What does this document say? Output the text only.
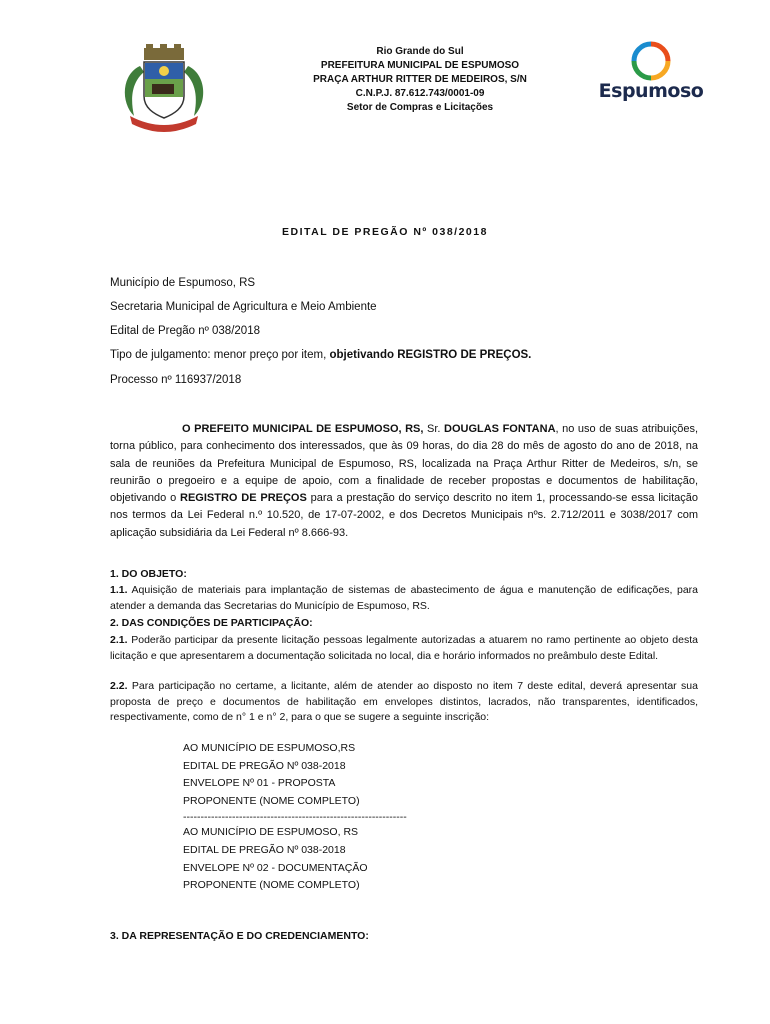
Rio Grande do Sul
PREFEITURA MUNICIPAL DE ESPUMOSO
PRAÇA ARTHUR RITTER DE MEDEIROS, S/N
C.N.P.J. 87.612.743/0001-09
Setor de Compras e Licitações
Espumoso
EDITAL DE PREGÃO Nº 038/2018
Município de Espumoso, RS
Secretaria Municipal de Agricultura e Meio Ambiente
Edital de Pregão nº 038/2018
Tipo de julgamento: menor preço por item, objetivando REGISTRO DE PREÇOS.
Processo nº 116937/2018
O PREFEITO MUNICIPAL DE ESPUMOSO, RS, Sr. DOUGLAS FONTANA, no uso de suas atribuições, torna público, para conhecimento dos interessados, que às 09 horas, do dia 28 do mês de agosto do ano de 2018, na sala de reuniões da Prefeitura Municipal de Espumoso, RS, localizada na Praça Arthur Ritter de Medeiros, s/n, se reunirão o pregoeiro e a equipe de apoio, com a finalidade de receber propostas e documentos de habilitação, objetivando o REGISTRO DE PREÇOS para a prestação do serviço descrito no item 1, processando-se essa licitação nos termos da Lei Federal n.º 10.520, de 17-07-2002, e dos Decretos Municipais nºs. 2.712/2011 e 3038/2017 com aplicação subsidiária da Lei Federal nº 8.666-93.
1. DO OBJETO:
1.1. Aquisição de materiais para implantação de sistemas de abastecimento de água e manutenção de edificações, para atender a demanda das Secretarias do Município de Espumoso, RS.
2. DAS CONDIÇÕES DE PARTICIPAÇÃO:
2.1. Poderão participar da presente licitação pessoas legalmente autorizadas a atuarem no ramo pertinente ao objeto desta licitação e que apresentarem a documentação solicitada no local, dia e horário informados no preâmbulo deste Edital.
2.2. Para participação no certame, a licitante, além de atender ao disposto no item 7 deste edital, deverá apresentar sua proposta de preço e documentos de habilitação em envelopes distintos, lacrados, não transparentes, identificados, respectivamente, como de n° 1 e n° 2, para o que se sugere a seguinte inscrição:
AO MUNICÍPIO DE ESPUMOSO,RS
EDITAL DE PREGÃO Nº 038-2018
ENVELOPE Nº 01 - PROPOSTA
PROPONENTE (NOME COMPLETO)
----------------------------------------------------------------
AO MUNICÍPIO DE ESPUMOSO, RS
EDITAL DE PREGÃO Nº 038-2018
ENVELOPE Nº 02 - DOCUMENTAÇÃO
PROPONENTE (NOME COMPLETO)
3. DA REPRESENTAÇÃO E DO CREDENCIAMENTO:
